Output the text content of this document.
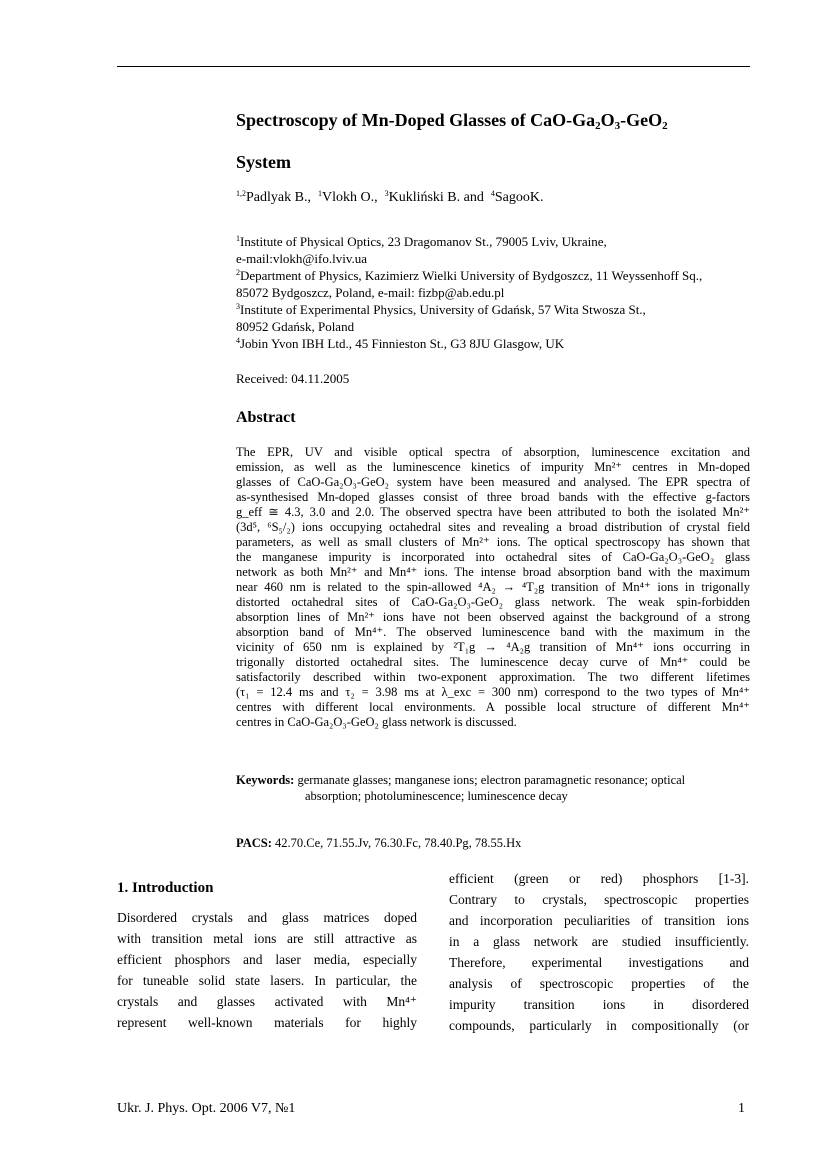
Spectroscopy of Mn-Doped Glasses of CaO-$Ga_2O_3-GeO_2$
System
$^{1,2}$Padlyak B., $^1$Vlokh O., $^3$Kukliński B. and $^4$SagooK.
$^1$Institute of Physical Optics, 23 Dragomanov St., 79005 Lviv, Ukraine,
e-mail:vlokh@ifo.lviv.ua
$^2$Department of Physics, Kazimierz Wielki University of Bydgoszcz, 11 Weyssenhoff Sq.,
85072 Bydgoszcz, Poland, e-mail: fizbp@ab.edu.pl
$^3$Institute of Experimental Physics, University of Gdańsk, 57 Wita Stwosza St.,
80952 Gdańsk, Poland
$^4$Jobin Yvon IBH Ltd., 45 Finnieston St., G3 8JU Glasgow, UK
Received: 04.11.2005
Abstract
The EPR, UV and visible optical spectra of absorption, luminescence excitation and
emission, as well as the luminescence kinetics of impurity Mn²⁺ centres in Mn-doped
glasses of CaO-Ga₂O₃-GeO₂ system have been measured and analysed. The EPR spectra of
as-synthesised Mn-doped glasses consist of three broad bands with the effective g-factors
g_eff ≅ 4.3, 3.0 and 2.0. The observed spectra have been attributed to both the isolated Mn²⁺
(3d⁵, ⁶S₅/₂) ions occupying octahedral sites and revealing a broad distribution of crystal field
parameters, as well as small clusters of Mn²⁺ ions. The optical spectroscopy has shown that
the manganese impurity is incorporated into octahedral sites of CaO-Ga₂O₃-GeO₂ glass
network as both Mn²⁺ and Mn⁴⁺ ions. The intense broad absorption band with the maximum
near 460 nm is related to the spin-allowed ⁴A₂ → ⁴T₂g transition of Mn⁴⁺ ions in trigonally
distorted octahedral sites of CaO-Ga₂O₃-GeO₂ glass network. The weak spin-forbidden
absorption lines of Mn²⁺ ions have not been observed against the background of a strong
absorption band of Mn⁴⁺. The observed luminescence band with the maximum in the
vicinity of 650 nm is explained by ²T₁g → ⁴A₂g transition of Mn⁴⁺ ions occurring in
trigonally distorted octahedral sites. The luminescence decay curve of Mn⁴⁺ could be
satisfactorily described within two-exponent approximation. The two different lifetimes
(τ₁ = 12.4 ms and τ₂ = 3.98 ms at λ_exc = 300 nm) correspond to the two types of Mn⁴⁺
centres with different local environments. A possible local structure of different Mn⁴⁺
centres in CaO-Ga₂O₃-GeO₂ glass network is discussed.
Keywords: germanate glasses; manganese ions; electron paramagnetic resonance; optical
absorption; photoluminescence; luminescence decay
PACS: 42.70.Ce, 71.55.Jv, 76.30.Fc, 78.40.Pg, 78.55.Hx
1. Introduction
Disordered crystals and glass matrices doped
with transition metal ions are still attractive as
efficient phosphors and laser media, especially
for tuneable solid state lasers. In particular, the
crystals and glasses activated with Mn⁴⁺
represent well-known materials for highly
efficient (green or red) phosphors [1-3].
Contrary to crystals, spectroscopic properties
and incorporation peculiarities of transition ions
in a glass network are studied insufficiently.
Therefore, experimental investigations and
analysis of spectroscopic properties of the
impurity transition ions in disordered
compounds, particularly in compositionally (or
Ukr. J. Phys. Opt. 2006 V7, №1	1
